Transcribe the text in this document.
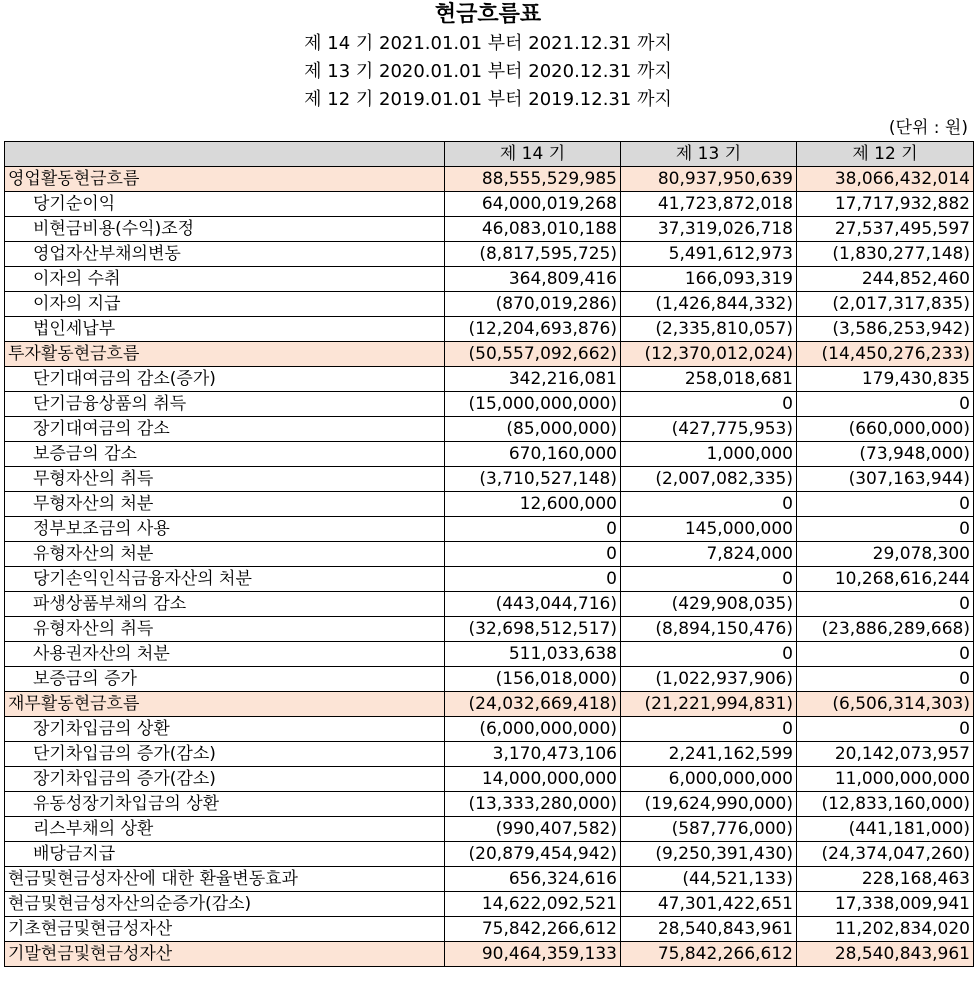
현금흐름표
제 14 기 2021.01.01 부터 2021.12.31 까지
제 13 기 2020.01.01 부터 2020.12.31 까지
제 12 기 2019.01.01 부터 2019.12.31 까지
(단위 : 원)
	제 14 기	제 13 기	제 12 기
영업활동현금흐름	88,555,529,985	80,937,950,639	38,066,432,014
당기순이익	64,000,019,268	41,723,872,018	17,717,932,882
비현금비용(수익)조정	46,083,010,188	37,319,026,718	27,537,495,597
영업자산부채의변동	(8,817,595,725)	5,491,612,973	(1,830,277,148)
이자의 수취	364,809,416	166,093,319	244,852,460
이자의 지급	(870,019,286)	(1,426,844,332)	(2,017,317,835)
법인세납부	(12,204,693,876)	(2,335,810,057)	(3,586,253,942)
투자활동현금흐름	(50,557,092,662)	(12,370,012,024)	(14,450,276,233)
단기대여금의 감소(증가)	342,216,081	258,018,681	179,430,835
단기금융상품의 취득	(15,000,000,000)	0	0
장기대여금의 감소	(85,000,000)	(427,775,953)	(660,000,000)
보증금의 감소	670,160,000	1,000,000	(73,948,000)
무형자산의 취득	(3,710,527,148)	(2,007,082,335)	(307,163,944)
무형자산의 처분	12,600,000	0	0
정부보조금의 사용	0	145,000,000	0
유형자산의 처분	0	7,824,000	29,078,300
당기손익인식금융자산의 처분	0	0	10,268,616,244
파생상품부채의 감소	(443,044,716)	(429,908,035)	0
유형자산의 취득	(32,698,512,517)	(8,894,150,476)	(23,886,289,668)
사용권자산의 처분	511,033,638	0	0
보증금의 증가	(156,018,000)	(1,022,937,906)	0
재무활동현금흐름	(24,032,669,418)	(21,221,994,831)	(6,506,314,303)
장기차입금의 상환	(6,000,000,000)	0	0
단기차입금의 증가(감소)	3,170,473,106	2,241,162,599	20,142,073,957
장기차입금의 증가(감소)	14,000,000,000	6,000,000,000	11,000,000,000
유동성장기차입금의 상환	(13,333,280,000)	(19,624,990,000)	(12,833,160,000)
리스부채의 상환	(990,407,582)	(587,776,000)	(441,181,000)
배당금지급	(20,879,454,942)	(9,250,391,430)	(24,374,047,260)
현금및현금성자산에 대한 환율변동효과	656,324,616	(44,521,133)	228,168,463
현금및현금성자산의순증가(감소)	14,622,092,521	47,301,422,651	17,338,009,941
기초현금및현금성자산	75,842,266,612	28,540,843,961	11,202,834,020
기말현금및현금성자산	90,464,359,133	75,842,266,612	28,540,843,961
